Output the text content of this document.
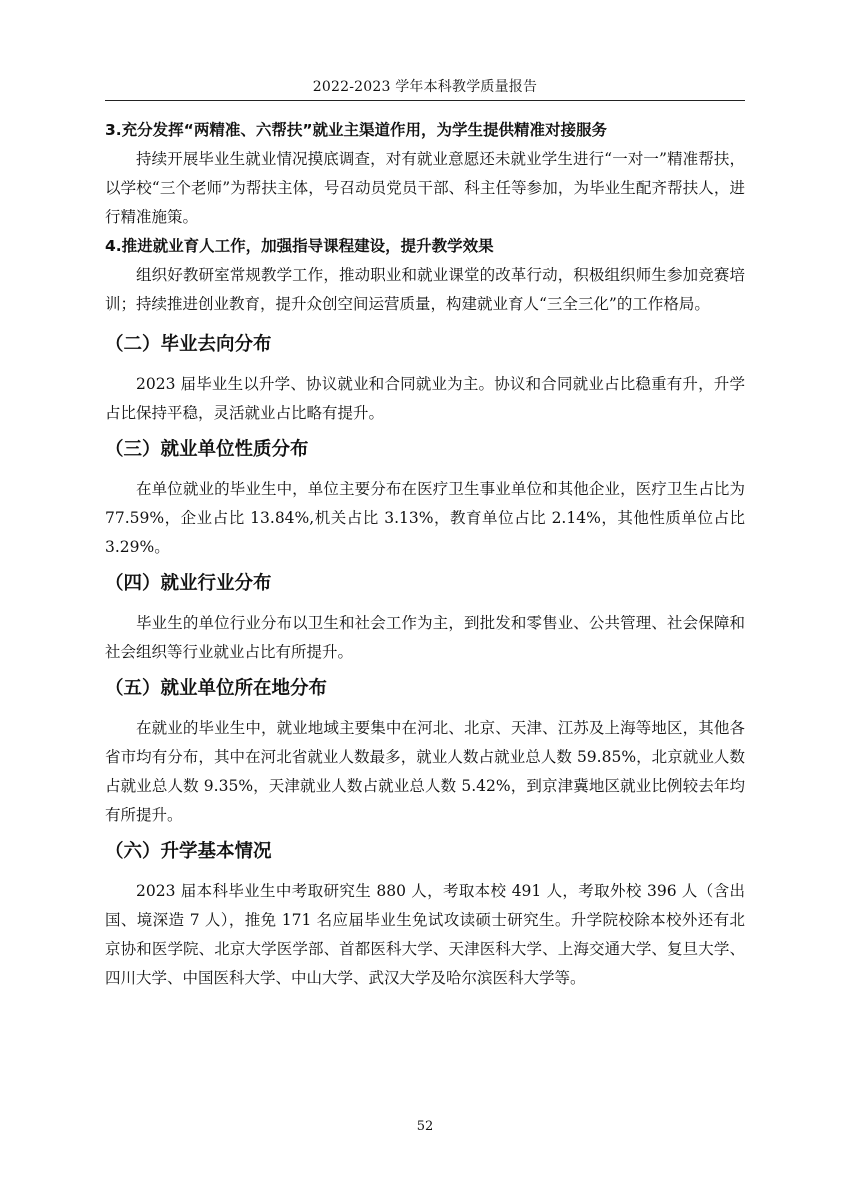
2022-2023 学年本科教学质量报告

3.充分发挥“两精准、六帮扶”就业主渠道作用，为学生提供精准对接服务

持续开展毕业生就业情况摸底调查，对有就业意愿还未就业学生进行“一对一”精准帮扶，以学校“三个老师”为帮扶主体，号召动员党员干部、科主任等参加，为毕业生配齐帮扶人，进行精准施策。

4.推进就业育人工作，加强指导课程建设，提升教学效果

组织好教研室常规教学工作，推动职业和就业课堂的改革行动，积极组织师生参加竞赛培训；持续推进创业教育，提升众创空间运营质量，构建就业育人“三全三化”的工作格局。

（二）毕业去向分布

2023 届毕业生以升学、协议就业和合同就业为主。协议和合同就业占比稳重有升，升学占比保持平稳，灵活就业占比略有提升。

（三）就业单位性质分布

在单位就业的毕业生中，单位主要分布在医疗卫生事业单位和其他企业，医疗卫生占比为 77.59%，企业占比 13.84%,机关占比 3.13%，教育单位占比 2.14%，其他性质单位占比 3.29%。

（四）就业行业分布

毕业生的单位行业分布以卫生和社会工作为主，到批发和零售业、公共管理、社会保障和社会组织等行业就业占比有所提升。

（五）就业单位所在地分布

在就业的毕业生中，就业地域主要集中在河北、北京、天津、江苏及上海等地区，其他各省市均有分布，其中在河北省就业人数最多，就业人数占就业总人数 59.85%，北京就业人数占就业总人数 9.35%，天津就业人数占就业总人数 5.42%，到京津冀地区就业比例较去年均有所提升。

（六）升学基本情况

2023 届本科毕业生中考取研究生 880 人，考取本校 491 人，考取外校 396 人（含出国、境深造 7 人），推免 171 名应届毕业生免试攻读硕士研究生。升学院校除本校外还有北京协和医学院、北京大学医学部、首都医科大学、天津医科大学、上海交通大学、复旦大学、四川大学、中国医科大学、中山大学、武汉大学及哈尔滨医科大学等。

52
